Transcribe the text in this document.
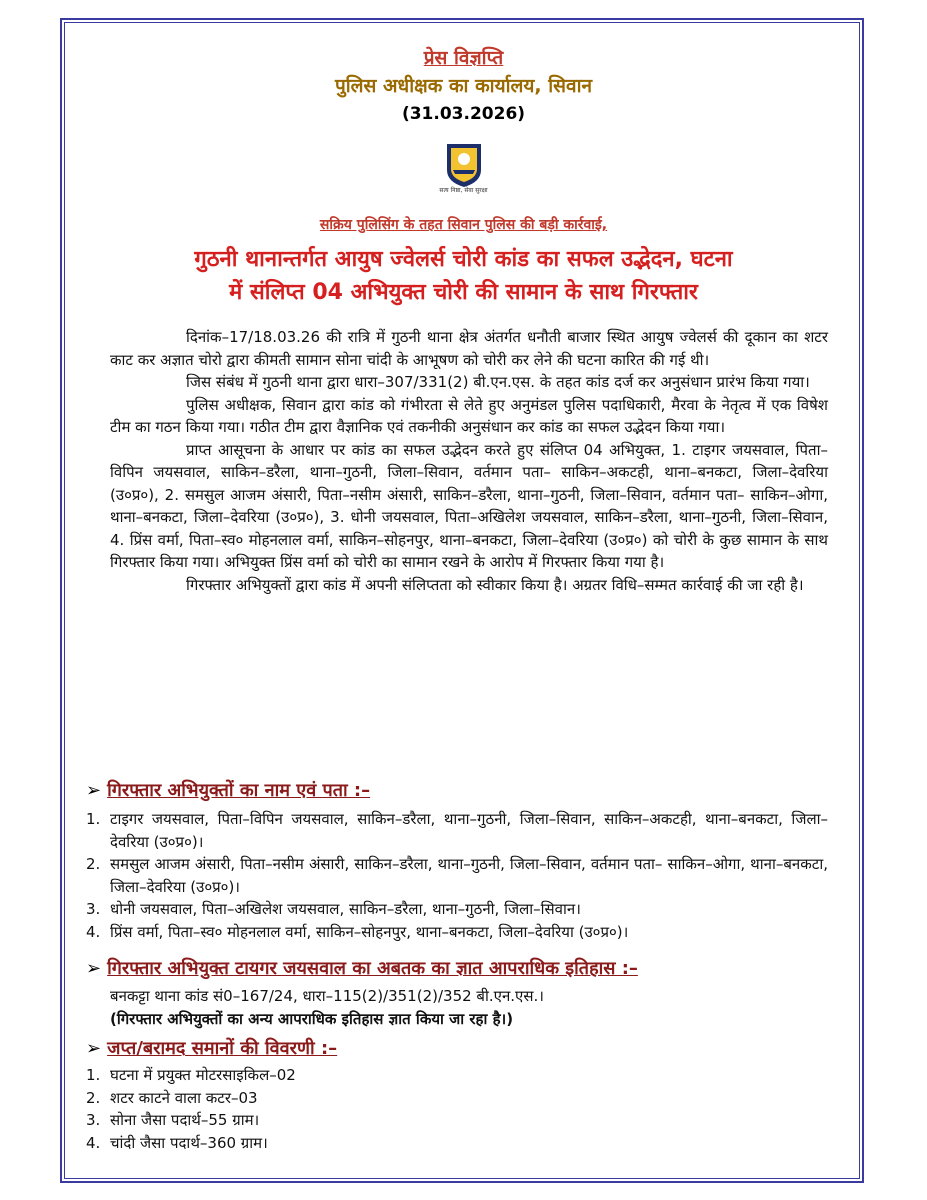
प्रेस विज्ञप्ति
पुलिस अधीक्षक का कार्यालय, सिवान
(31.03.2026)
सत्य निष्ठा, सेवा सुरक्षा
सक्रिय पुलिसिंग के तहत सिवान पुलिस की बड़ी कार्रवाई,
गुठनी थानान्तर्गत आयुष ज्वेलर्स चोरी कांड का सफल उद्भेदन, घटना
में संलिप्त 04 अभियुक्त चोरी की सामान के साथ गिरफ्तार

दिनांक–17/18.03.26 की रात्रि में गुठनी थाना क्षेत्र अंतर्गत धनौती बाजार स्थित आयुष ज्वेलर्स की दूकान का शटर काट कर अज्ञात चोरो द्वारा कीमती सामान सोना चांदी के आभूषण को चोरी कर लेने की घटना कारित की गई थी।

जिस संबंध में गुठनी थाना द्वारा धारा–307/331(2) बी.एन.एस. के तहत कांड दर्ज कर अनुसंधान प्रारंभ किया गया।

पुलिस अधीक्षक, सिवान द्वारा कांड को गंभीरता से लेते हुए अनुमंडल पुलिस पदाधिकारी, मैरवा के नेतृत्व में एक विषेश टीम का गठन किया गया। गठीत टीम द्वारा वैज्ञानिक एवं तकनीकी अनुसंधान कर कांड का सफल उद्भेदन किया गया।

प्राप्त आसूचना के आधार पर कांड का सफल उद्भेदन करते हुए संलिप्त 04 अभियुक्त, 1. टाइगर जयसवाल, पिता–विपिन जयसवाल, साकिन–डरैला, थाना–गुठनी, जिला–सिवान, वर्तमान पता– साकिन–अकटही, थाना–बनकटा, जिला–देवरिया (उ०प्र०), 2. समसुल आजम अंसारी, पिता–नसीम अंसारी, साकिन–डरैला, थाना–गुठनी, जिला–सिवान, वर्तमान पता– साकिन–ओगा, थाना–बनकटा, जिला–देवरिया (उ०प्र०), 3. धोनी जयसवाल, पिता–अखिलेश जयसवाल, साकिन–डरैला, थाना–गुठनी, जिला–सिवान, 4. प्रिंस वर्मा, पिता–स्व० मोहनलाल वर्मा, साकिन–सोहनपुर, थाना–बनकटा, जिला–देवरिया (उ०प्र०) को चोरी के कुछ सामान के साथ गिरफ्तार किया गया। अभियुक्त प्रिंस वर्मा को चोरी का सामान रखने के आरोप में गिरफ्तार किया गया है।

गिरफ्तार अभियुक्तों द्वारा कांड में अपनी संलिप्तता को स्वीकार किया है। अग्रतर विधि–सम्मत कार्रवाई की जा रही है।

➢ गिरफ्तार अभियुक्तों का नाम एवं पता :–
1. टाइगर जयसवाल, पिता–विपिन जयसवाल, साकिन–डरैला, थाना–गुठनी, जिला–सिवान, साकिन–अकटही, थाना–बनकटा, जिला–देवरिया (उ०प्र०)।
2. समसुल आजम अंसारी, पिता–नसीम अंसारी, साकिन–डरैला, थाना–गुठनी, जिला–सिवान, वर्तमान पता– साकिन–ओगा, थाना–बनकटा, जिला–देवरिया (उ०प्र०)।
3. धोनी जयसवाल, पिता–अखिलेश जयसवाल, साकिन–डरैला, थाना–गुठनी, जिला–सिवान।
4. प्रिंस वर्मा, पिता–स्व० मोहनलाल वर्मा, साकिन–सोहनपुर, थाना–बनकटा, जिला–देवरिया (उ०प्र०)।
➢ गिरफ्तार अभियुक्त टायगर जयसवाल का अबतक का ज्ञात आपराधिक इतिहास :–
बनकट्टा थाना कांड सं0–167/24, धारा–115(2)/351(2)/352 बी.एन.एस.।
(गिरफ्तार अभियुक्तों का अन्य आपराधिक इतिहास ज्ञात किया जा रहा है।)
➢ जप्त/बरामद समानों की विवरणी :–
1. घटना में प्रयुक्त मोटरसाइकिल–02
2. शटर काटने वाला कटर–03
3. सोना जैसा पदार्थ–55 ग्राम।
4. चांदी जैसा पदार्थ–360 ग्राम।
